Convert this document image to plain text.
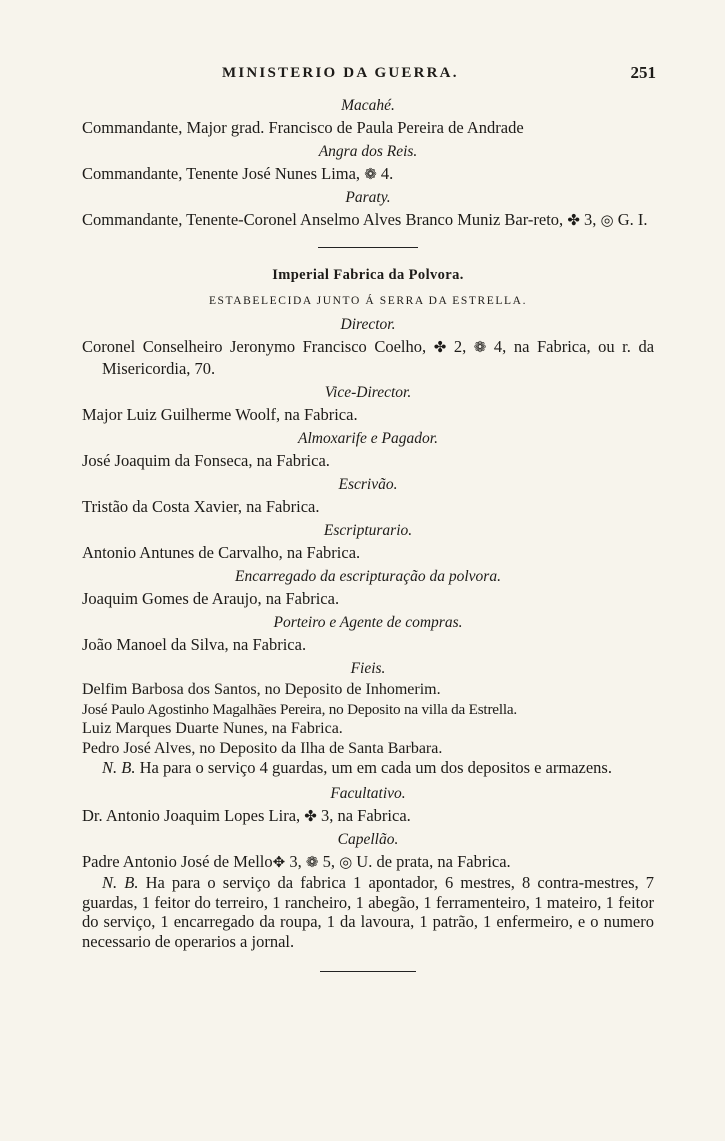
MINISTERIO DA GUERRA.	251

Macahé.

Commandante, Major grad. Francisco de Paula Pereira de Andrade

Angra dos Reis.

Commandante, Tenente José Nunes Lima, ❁ 4.

Paraty.

Commandante, Tenente-Coronel Anselmo Alves Branco Muniz Bar-reto, ✤ 3, ◎ G. I.

Imperial Fabrica da Polvora.

ESTABELECIDA JUNTO Á SERRA DA ESTRELLA.

Director.

Coronel Conselheiro Jeronymo Francisco Coelho, ✤ 2, ❁ 4, na Fabrica, ou r. da Misericordia, 70.

Vice-Director.

Major Luiz Guilherme Woolf, na Fabrica.

Almoxarife e Pagador.

José Joaquim da Fonseca, na Fabrica.

Escrivão.

Tristão da Costa Xavier, na Fabrica.

Escripturario.

Antonio Antunes de Carvalho, na Fabrica.

Encarregado da escripturação da polvora.

Joaquim Gomes de Araujo, na Fabrica.

Porteiro e Agente de compras.

João Manoel da Silva, na Fabrica.

Fieis.

Delfim Barbosa dos Santos, no Deposito de Inhomerim.

José Paulo Agostinho Magalhães Pereira, no Deposito na villa da Estrella.

Luiz Marques Duarte Nunes, na Fabrica.

Pedro José Alves, no Deposito da Ilha de Santa Barbara.

N. B. Ha para o serviço 4 guardas, um em cada um dos depositos e armazens.

Facultativo.

Dr. Antonio Joaquim Lopes Lira, ✤ 3, na Fabrica.

Capellão.

Padre Antonio José de Mello✥ 3, ❁ 5, ◎ U. de prata, na Fabrica.

N. B. Ha para o serviço da fabrica 1 apontador, 6 mestres, 8 contra-mestres, 7 guardas, 1 feitor do terreiro, 1 rancheiro, 1 abegão, 1 ferramenteiro, 1 mateiro, 1 feitor do serviço, 1 encarregado da roupa, 1 da lavoura, 1 patrão, 1 enfermeiro, e o numero necessario de operarios a jornal.
